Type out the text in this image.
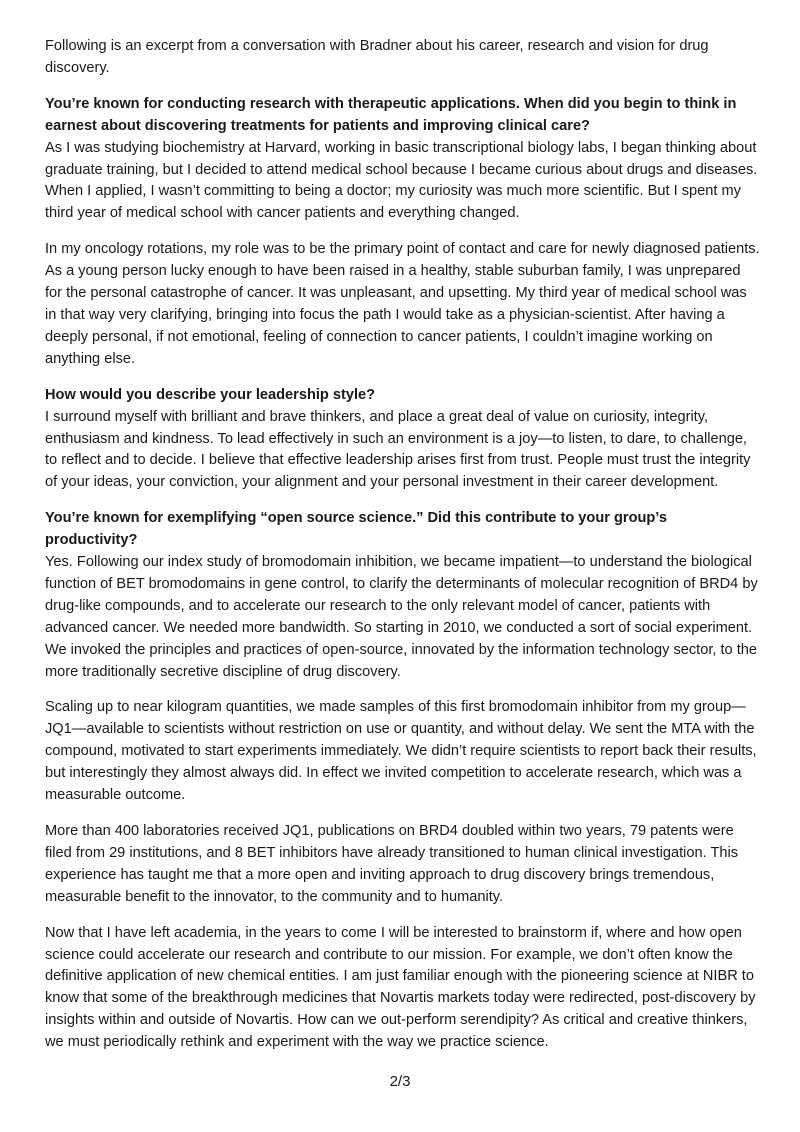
Following is an excerpt from a conversation with Bradner about his career, research and vision for drug discovery.

You’re known for conducting research with therapeutic applications. When did you begin to think in earnest about discovering treatments for patients and improving clinical care?

As I was studying biochemistry at Harvard, working in basic transcriptional biology labs, I began thinking about graduate training, but I decided to attend medical school because I became curious about drugs and diseases. When I applied, I wasn’t committing to being a doctor; my curiosity was much more scientific. But I spent my third year of medical school with cancer patients and everything changed.

In my oncology rotations, my role was to be the primary point of contact and care for newly diagnosed patients. As a young person lucky enough to have been raised in a healthy, stable suburban family, I was unprepared for the personal catastrophe of cancer. It was unpleasant, and upsetting. My third year of medical school was in that way very clarifying, bringing into focus the path I would take as a physician-scientist. After having a deeply personal, if not emotional, feeling of connection to cancer patients, I couldn’t imagine working on anything else.

How would you describe your leadership style?

I surround myself with brilliant and brave thinkers, and place a great deal of value on curiosity, integrity, enthusiasm and kindness. To lead effectively in such an environment is a joy—to listen, to dare, to challenge, to reflect and to decide. I believe that effective leadership arises first from trust. People must trust the integrity of your ideas, your conviction, your alignment and your personal investment in their career development.

You’re known for exemplifying “open source science.” Did this contribute to your group’s productivity?

Yes. Following our index study of bromodomain inhibition, we became impatient—to understand the biological function of BET bromodomains in gene control, to clarify the determinants of molecular recognition of BRD4 by drug-like compounds, and to accelerate our research to the only relevant model of cancer, patients with advanced cancer. We needed more bandwidth. So starting in 2010, we conducted a sort of social experiment. We invoked the principles and practices of open-source, innovated by the information technology sector, to the more traditionally secretive discipline of drug discovery.

Scaling up to near kilogram quantities, we made samples of this first bromodomain inhibitor from my group—JQ1—available to scientists without restriction on use or quantity, and without delay. We sent the MTA with the compound, motivated to start experiments immediately. We didn’t require scientists to report back their results, but interestingly they almost always did. In effect we invited competition to accelerate research, which was a measurable outcome.

More than 400 laboratories received JQ1, publications on BRD4 doubled within two years, 79 patents were filed from 29 institutions, and 8 BET inhibitors have already transitioned to human clinical investigation. This experience has taught me that a more open and inviting approach to drug discovery brings tremendous, measurable benefit to the innovator, to the community and to humanity.

Now that I have left academia, in the years to come I will be interested to brainstorm if, where and how open science could accelerate our research and contribute to our mission. For example, we don’t often know the definitive application of new chemical entities. I am just familiar enough with the pioneering science at NIBR to know that some of the breakthrough medicines that Novartis markets today were redirected, post-discovery by insights within and outside of Novartis. How can we out-perform serendipity? As critical and creative thinkers, we must periodically rethink and experiment with the way we practice science.

2/3
